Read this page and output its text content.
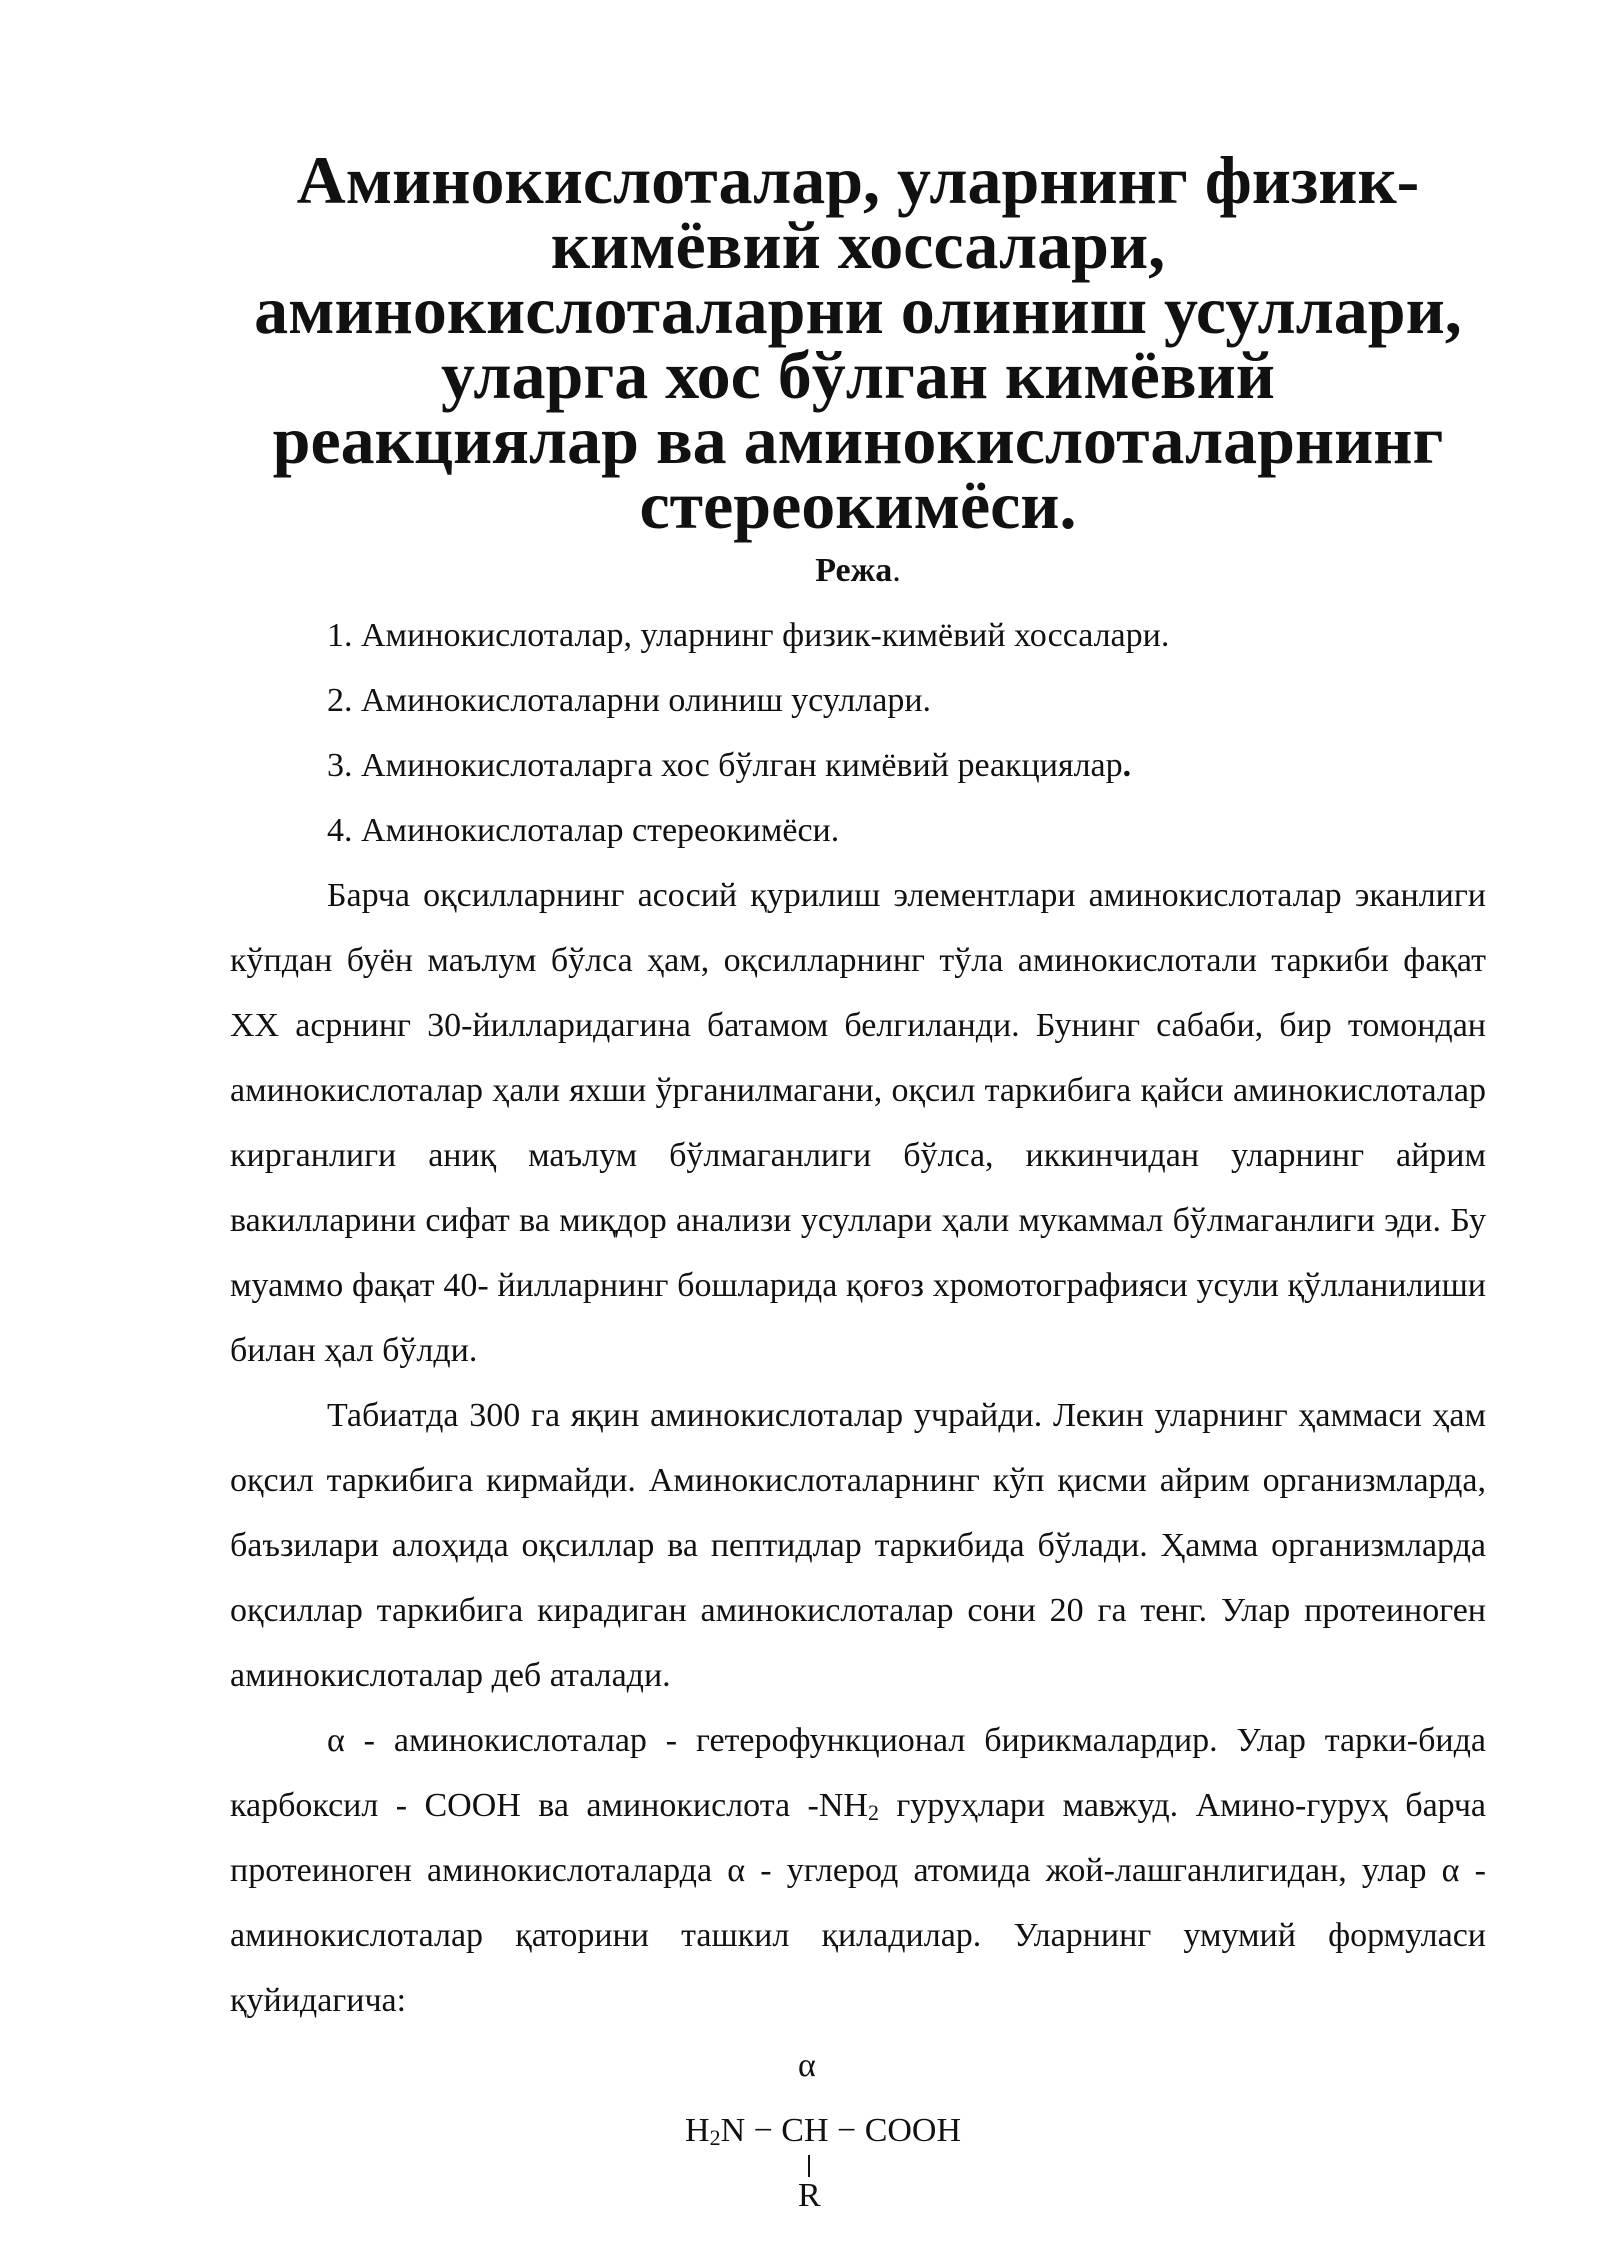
Аминокислоталар, уларнинг физик-кимёвий хоссалари,
аминокислоталарни олиниш усуллари, уларга хос бўлган кимёвий
реакциялар ва аминокислоталарнинг стереокимёси.
Режа.
1. Аминокислоталар, уларнинг физик-кимёвий хоссалари.
2. Аминокислоталарни олиниш усуллари.
3. Аминокислоталарга хос бўлган кимёвий реакциялар.
4. Аминокислоталар стереокимёси.

Барча оқсилларнинг асосий қурилиш элементлари аминокислоталар эканлиги кўпдан буён маълум бўлса ҳам, оқсилларнинг тўла аминокислотали таркиби фақат XX асрнинг 30-йилларидагина батамом белгиланди. Бунинг сабаби, бир томондан аминокислоталар ҳали яхши ўрганилмагани, оқсил таркибига қайси аминокислоталар кирганлиги аниқ маълум бўлмаганлиги бўлса, иккинчидан уларнинг айрим вакилларини сифат ва миқдор анализи усуллари ҳали мукаммал бўлмаганлиги эди. Бу муаммо фақат 40- йилларнинг бошларида қоғоз хромотографияси усули қўлланилиши билан ҳал бўлди.

Табиатда 300 га яқин аминокислоталар учрайди. Лекин уларнинг ҳаммаси ҳам оқсил таркибига кирмайди. Аминокислоталарнинг кўп қисми айрим организмларда, баъзилари алоҳида оқсиллар ва пептидлар таркибида бўлади. Ҳамма организмларда оқсиллар таркибига кирадиган аминокислоталар сони 20 га тенг. Улар протеиноген аминокислоталар деб аталади.

α - аминокислоталар - гетерофункционал бирикмалардир. Улар тарки-бида карбоксил - COOH ва аминокислота $-NH_2$ гуруҳлари мавжуд. Амино-гуруҳ барча протеиноген аминокислоталарда α - углерод атомида жой-лашганлигидан, улар α - аминокислоталар қаторини ташкил қиладилар. Уларнинг умумий формуласи қуйидагича:

α
$H_2N$ − CH − COOH
R
